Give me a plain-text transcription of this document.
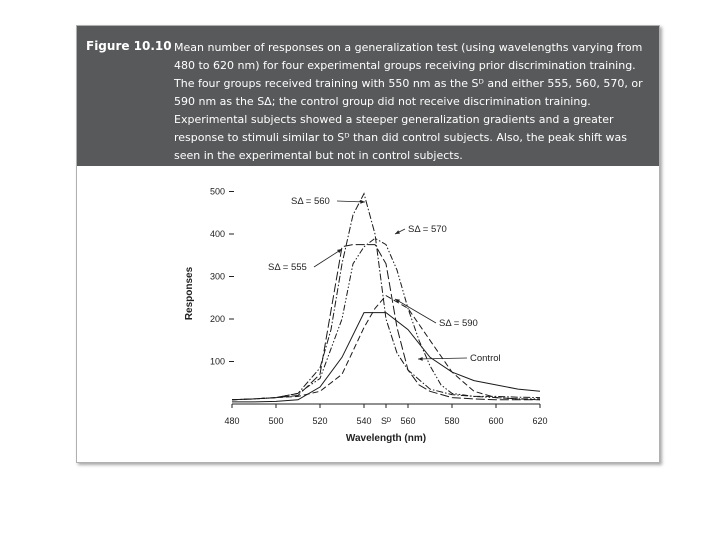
Figure 10.10 Mean number of responses on a generalization test (using wavelengths varying from 480 to 620 nm) for four experimental groups receiving prior discrimination training. The four groups received training with 550 nm as the Sᴰ and either 555, 560, 570, or 590 nm as the SΔ; the control group did not receive discrimination training. Experimental subjects showed a steeper generalization gradients and a greater response to stimuli similar to Sᴰ than did control subjects. Also, the peak shift was seen in the experimental but not in control subjects.
100
200
300
400
500
480	500	520	540	560	580	600	620
Sᴰ
Responses
Wavelength (nm)
SΔ = 560
SΔ = 570
SΔ = 555
SΔ = 590
Control
